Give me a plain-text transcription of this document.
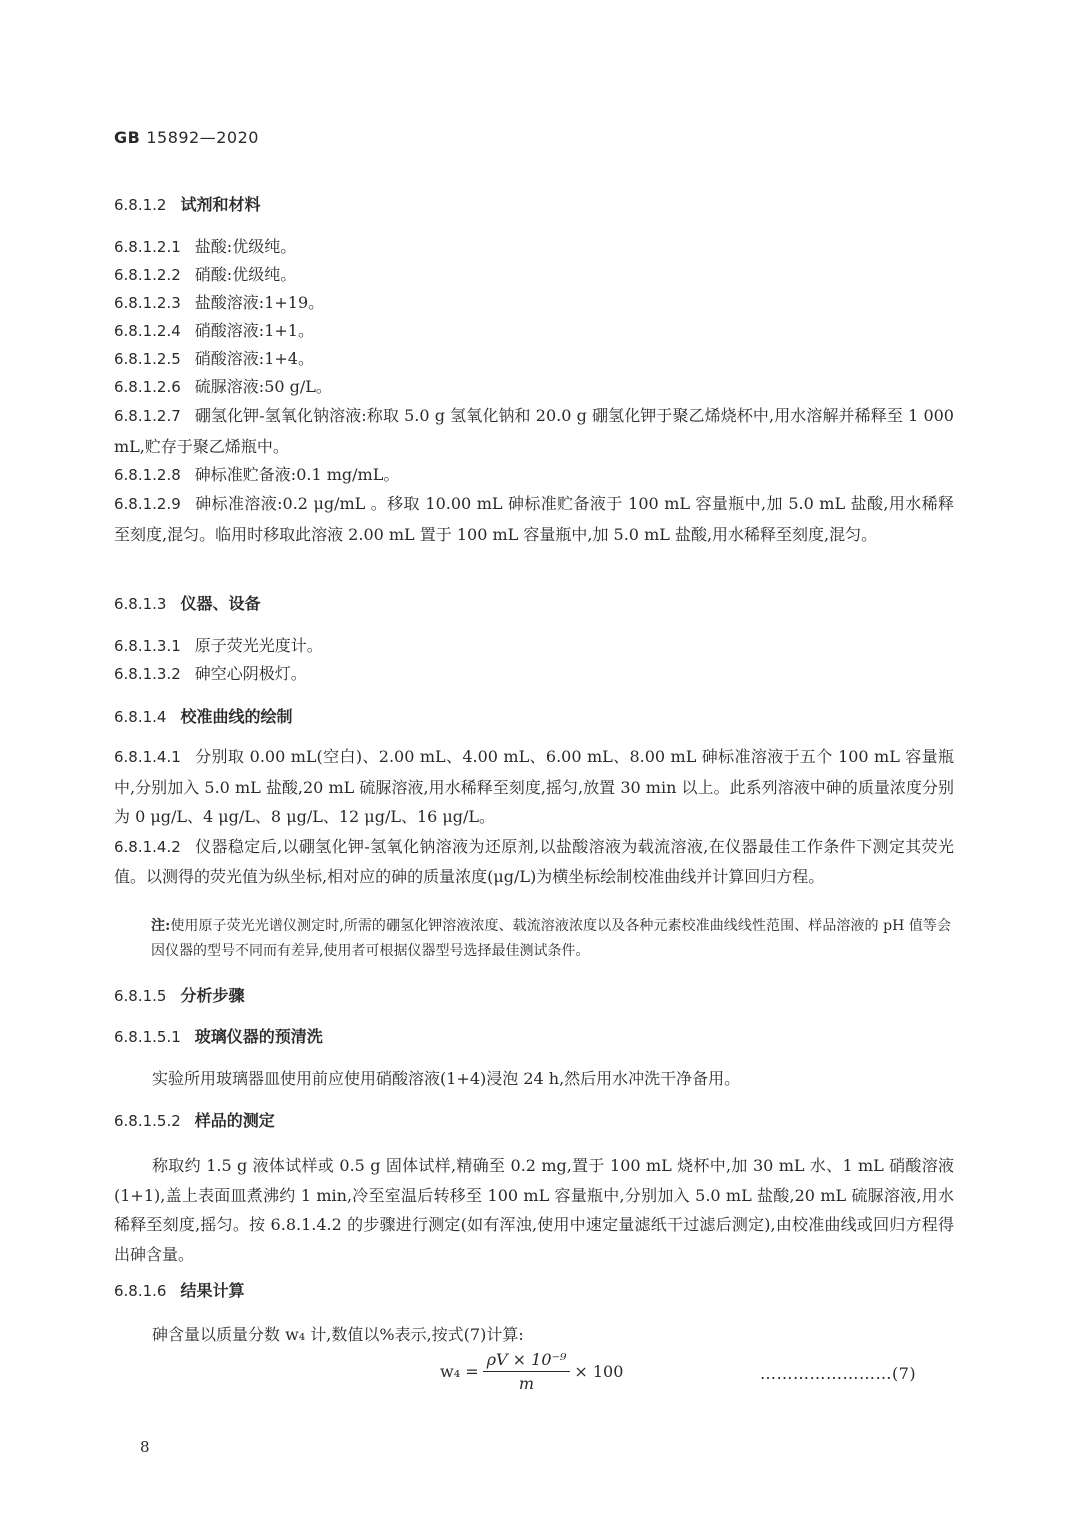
GB 15892—2020
6.8.1.2 试剂和材料
6.8.1.2.1 盐酸:优级纯。
6.8.1.2.2 硝酸:优级纯。
6.8.1.2.3 盐酸溶液:1+19。
6.8.1.2.4 硝酸溶液:1+1。
6.8.1.2.5 硝酸溶液:1+4。
6.8.1.2.6 硫脲溶液:50 g/L。
6.8.1.2.7 硼氢化钾-氢氧化钠溶液:称取 5.0 g 氢氧化钠和 20.0 g 硼氢化钾于聚乙烯烧杯中,用水溶解并稀释至 1 000 mL,贮存于聚乙烯瓶中。
6.8.1.2.8 砷标准贮备液:0.1 mg/mL。
6.8.1.2.9 砷标准溶液:0.2 μg/mL 。移取 10.00 mL 砷标准贮备液于 100 mL 容量瓶中,加 5.0 mL 盐酸,用水稀释至刻度,混匀。临用时移取此溶液 2.00 mL 置于 100 mL 容量瓶中,加 5.0 mL 盐酸,用水稀释至刻度,混匀。
6.8.1.3 仪器、设备
6.8.1.3.1 原子荧光光度计。
6.8.1.3.2 砷空心阴极灯。
6.8.1.4 校准曲线的绘制
6.8.1.4.1 分别取 0.00 mL(空白)、2.00 mL、4.00 mL、6.00 mL、8.00 mL 砷标准溶液于五个 100 mL 容量瓶中,分别加入 5.0 mL 盐酸,20 mL 硫脲溶液,用水稀释至刻度,摇匀,放置 30 min 以上。此系列溶液中砷的质量浓度分别为 0 μg/L、4 μg/L、8 μg/L、12 μg/L、16 μg/L。
6.8.1.4.2 仪器稳定后,以硼氢化钾-氢氧化钠溶液为还原剂,以盐酸溶液为载流溶液,在仪器最佳工作条件下测定其荧光值。以测得的荧光值为纵坐标,相对应的砷的质量浓度(μg/L)为横坐标绘制校准曲线并计算回归方程。
注:使用原子荧光光谱仪测定时,所需的硼氢化钾溶液浓度、载流溶液浓度以及各种元素校准曲线线性范围、样品溶液的 pH 值等会因仪器的型号不同而有差异,使用者可根据仪器型号选择最佳测试条件。
6.8.1.5 分析步骤
6.8.1.5.1 玻璃仪器的预清洗
实验所用玻璃器皿使用前应使用硝酸溶液(1+4)浸泡 24 h,然后用水冲洗干净备用。
6.8.1.5.2 样品的测定
称取约 1.5 g 液体试样或 0.5 g 固体试样,精确至 0.2 mg,置于 100 mL 烧杯中,加 30 mL 水、1 mL 硝酸溶液(1+1),盖上表面皿煮沸约 1 min,冷至室温后转移至 100 mL 容量瓶中,分别加入 5.0 mL 盐酸,20 mL 硫脲溶液,用水稀释至刻度,摇匀。按 6.8.1.4.2 的步骤进行测定(如有浑浊,使用中速定量滤纸干过滤后测定),由校准曲线或回归方程得出砷含量。
6.8.1.6 结果计算
砷含量以质量分数 w₄ 计,数值以%表示,按式(7)计算:
$w_4 = \frac{\text{ρV × 10⁻⁹}}{m} \times 100$	……………………(7)
8
